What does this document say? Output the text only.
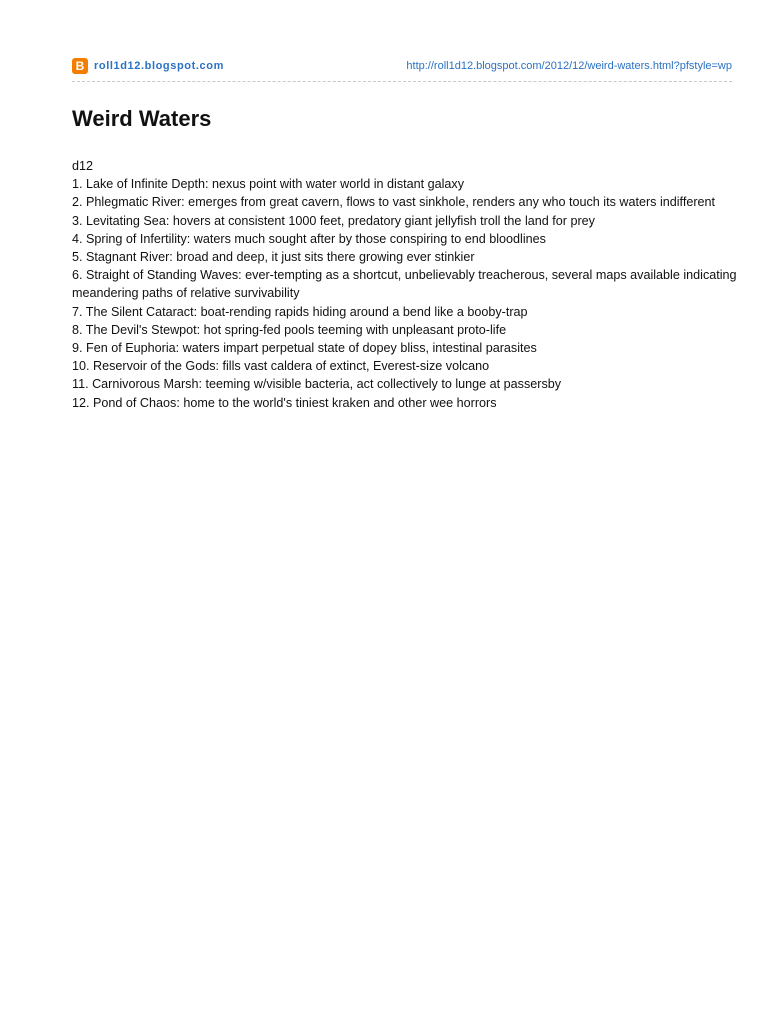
B roll1d12.blogspot.com	http://roll1d12.blogspot.com/2012/12/weird-waters.html?pfstyle=wp
Weird Waters
d12
1. Lake of Infinite Depth: nexus point with water world in distant galaxy
2. Phlegmatic River: emerges from great cavern, flows to vast sinkhole, renders any who touch its waters indifferent
3. Levitating Sea: hovers at consistent 1000 feet, predatory giant jellyfish troll the land for prey
4. Spring of Infertility: waters much sought after by those conspiring to end bloodlines
5. Stagnant River: broad and deep, it just sits there growing ever stinkier
6. Straight of Standing Waves: ever-tempting as a shortcut, unbelievably treacherous, several maps available indicating meandering paths of relative survivability
7. The Silent Cataract: boat-rending rapids hiding around a bend like a booby-trap
8. The Devil's Stewpot: hot spring-fed pools teeming with unpleasant proto-life
9. Fen of Euphoria: waters impart perpetual state of dopey bliss, intestinal parasites
10. Reservoir of the Gods: fills vast caldera of extinct, Everest-size volcano
11. Carnivorous Marsh: teeming w/visible bacteria, act collectively to lunge at passersby
12. Pond of Chaos: home to the world's tiniest kraken and other wee horrors
